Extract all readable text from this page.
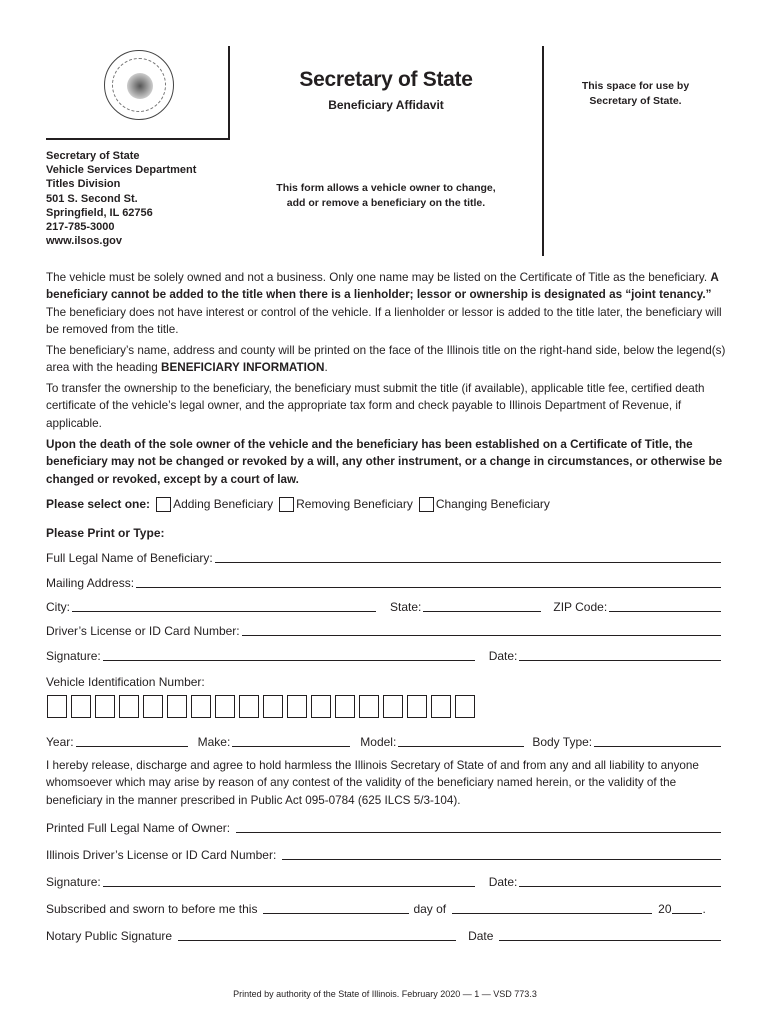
Secretary of State
Beneficiary Affidavit
This space for use by
Secretary of State.
Secretary of State
Vehicle Services Department
Titles Division
501 S. Second St.
Springfield, IL 62756
217-785-3000
www.ilsos.gov
This form allows a vehicle owner to change,
add or remove a beneficiary on the title.
The vehicle must be solely owned and not a business. Only one name may be listed on the Certificate of Title as the beneficiary. A beneficiary cannot be added to the title when there is a lienholder; lessor or ownership is designated as “joint tenancy.” The beneficiary does not have interest or control of the vehicle. If a lienholder or lessor is added to the title later, the beneficiary will be removed from the title.
The beneficiary’s name, address and county will be printed on the face of the Illinois title on the right-hand side, below the legend(s) area with the heading BENEFICIARY INFORMATION.
To transfer the ownership to the beneficiary, the beneficiary must submit the title (if available), applicable title fee, certified death certificate of the vehicle’s legal owner, and the appropriate tax form and check payable to Illinois Department of Revenue, if applicable.
Upon the death of the sole owner of the vehicle and the beneficiary has been established on a Certificate of Title, the beneficiary may not be changed or revoked by a will, any other instrument, or a change in circumstances, or otherwise be changed or revoked, except by a court of law.
Please select one: Adding Beneficiary Removing Beneficiary Changing Beneficiary
Please Print or Type:
Full Legal Name of Beneficiary:
Mailing Address:
City:	State:	ZIP Code:
Driver’s License or ID Card Number:
Signature:	Date:
Vehicle Identification Number:
Year:	Make:	Model:	Body Type:
I hereby release, discharge and agree to hold harmless the Illinois Secretary of State of and from any and all liability to anyone whomsoever which may arise by reason of any contest of the validity of the beneficiary named herein, or the validity of the beneficiary in the manner prescribed in Public Act 095-0784 (625 ILCS 5/3-104).
Printed Full Legal Name of Owner:
Illinois Driver’s License or ID Card Number:
Signature:	Date:
Subscribed and sworn to before me this	day of	20	.
Notary Public Signature	Date
Printed by authority of the State of Illinois. February 2020 — 1 — VSD 773.3
